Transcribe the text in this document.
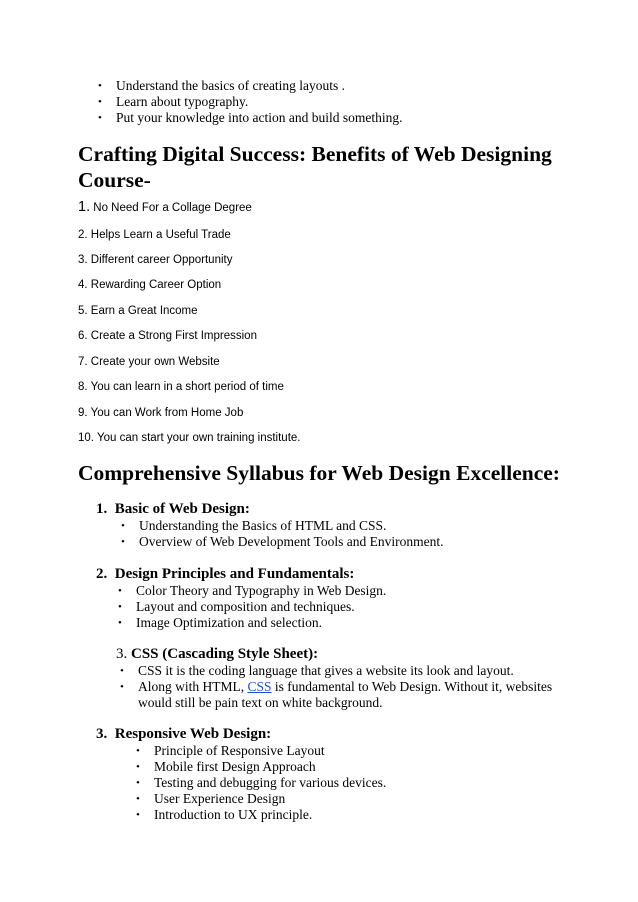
• Understand the basics of creating layouts .
• Learn about typography.
• Put your knowledge into action and build something.
Crafting Digital Success: Benefits of Web Designing
Course-
1. No Need For a Collage Degree
2. Helps Learn a Useful Trade
3. Different career Opportunity
4. Rewarding Career Option
5. Earn a Great Income
6. Create a Strong First Impression
7. Create your own Website
8. You can learn in a short period of time
9. You can Work from Home Job
10. You can start your own training institute.
Comprehensive Syllabus for Web Design Excellence:
1. Basic of Web Design:
• Understanding the Basics of HTML and CSS.
• Overview of Web Development Tools and Environment.
2. Design Principles and Fundamentals:
• Color Theory and Typography in Web Design.
• Layout and composition and techniques.
• Image Optimization and selection.
3. CSS (Cascading Style Sheet):
• CSS it is the coding language that gives a website its look and layout.
• Along with HTML, CSS is fundamental to Web Design. Without it, websites
would still be pain text on white background.
3. Responsive Web Design:
• Principle of Responsive Layout
• Mobile first Design Approach
• Testing and debugging for various devices.
• User Experience Design
• Introduction to UX principle.
